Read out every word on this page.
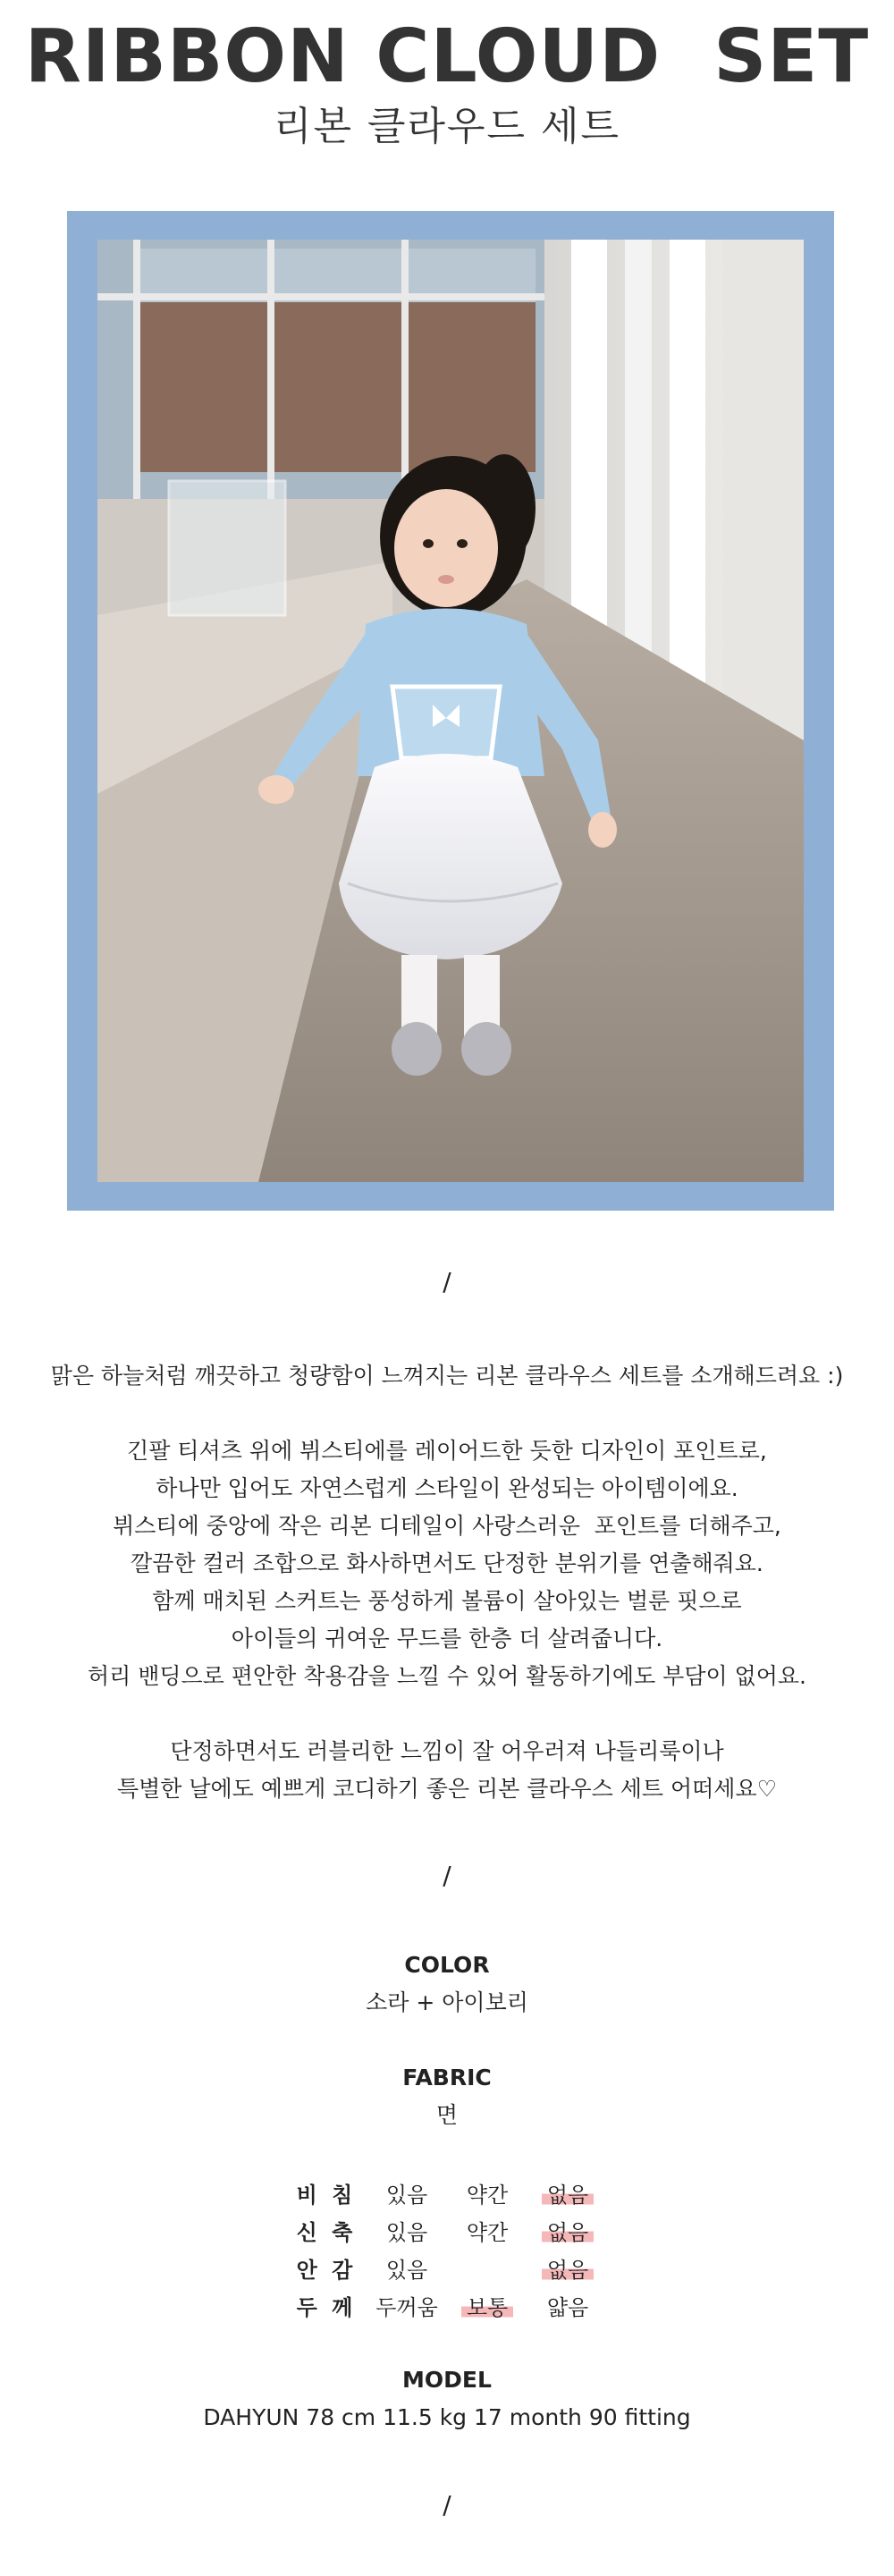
RIBBON CLOUD  SET
리본 클라우드 세트
/

맑은 하늘처럼 깨끗하고 청량함이 느껴지는 리본 클라우스 세트를 소개해드려요 :)

긴팔 티셔츠 위에 뷔스티에를 레이어드한 듯한 디자인이 포인트로,

하나만 입어도 자연스럽게 스타일이 완성되는 아이템이에요.

뷔스티에 중앙에 작은 리본 디테일이 사랑스러운  포인트를 더해주고,

깔끔한 컬러 조합으로 화사하면서도 단정한 분위기를 연출해줘요.

함께 매치된 스커트는 풍성하게 볼륨이 살아있는 벌룬 핏으로

아이들의 귀여운 무드를 한층 더 살려줍니다.

허리 밴딩으로 편안한 착용감을 느낄 수 있어 활동하기에도 부담이 없어요.

단정하면서도 러블리한 느낌이 잘 어우러져 나들리룩이나

특별한 날에도 예쁘게 코디하기 좋은 리본 클라우스 세트 어떠세요♡

/
COLOR
소라 + 아이보리
FABRIC
면
비 침	있음	약간	없음
신 축	있음	약간	없음
안 감	있음		없음
두 께	두꺼움	보통	얇음
MODEL
DAHYUN 78 cm 11.5 kg 17 month 90 fitting
/
